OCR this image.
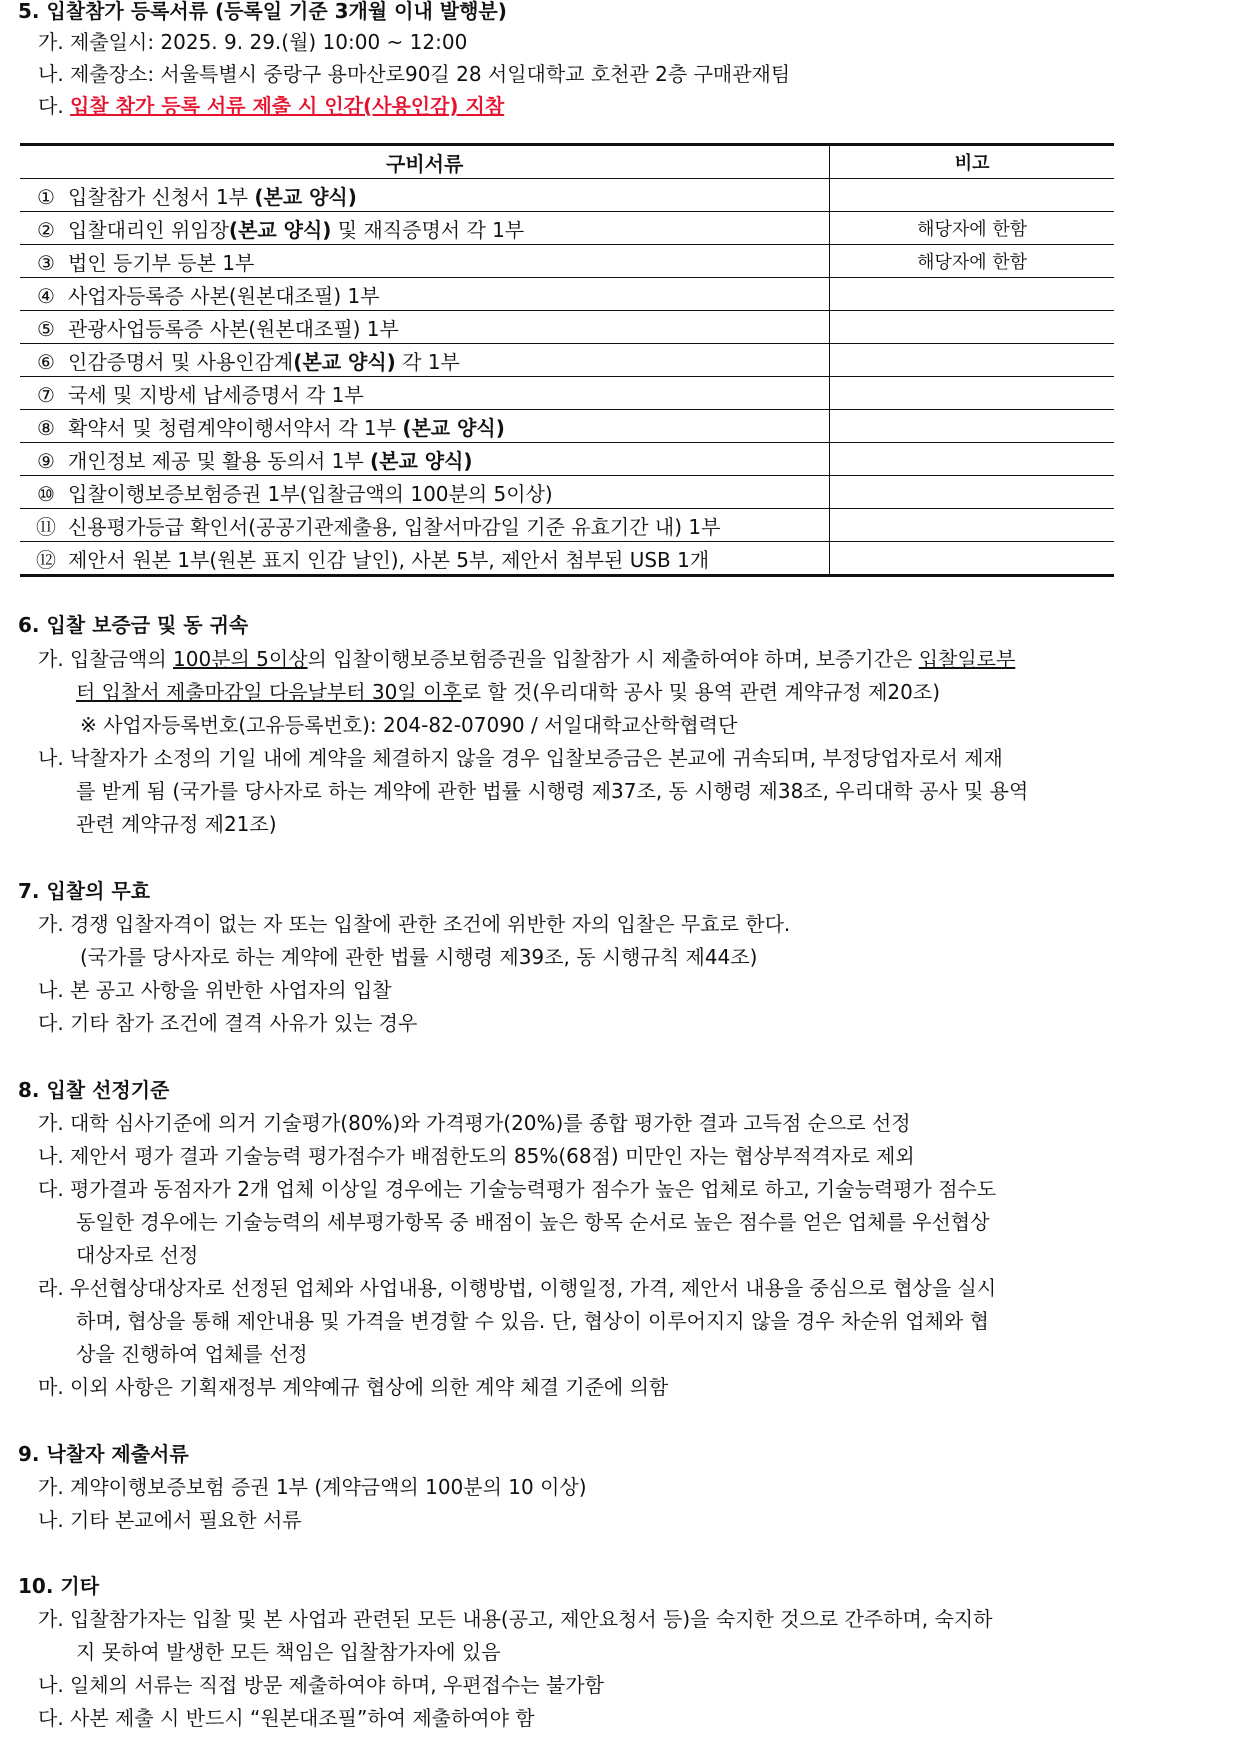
5. 입찰참가 등록서류 (등록일 기준 3개월 이내 발행분)
가. 제출일시: 2025. 9. 29.(월) 10:00 ~ 12:00
나. 제출장소: 서울특별시 중랑구 용마산로90길 28 서일대학교 호천관 2층 구매관재팀
다. 입찰 참가 등록 서류 제출 시 인감(사용인감) 지참
구비서류	비고
① 입찰참가 신청서 1부 (본교 양식)	
② 입찰대리인 위임장(본교 양식) 및 재직증명서 각 1부	해당자에 한함
③ 법인 등기부 등본 1부	해당자에 한함
④ 사업자등록증 사본(원본대조필) 1부	
⑤ 관광사업등록증 사본(원본대조필) 1부	
⑥ 인감증명서 및 사용인감계(본교 양식) 각 1부	
⑦ 국세 및 지방세 납세증명서 각 1부	
⑧ 확약서 및 청렴계약이행서약서 각 1부 (본교 양식)	
⑨ 개인정보 제공 및 활용 동의서 1부 (본교 양식)	
⑩ 입찰이행보증보험증권 1부(입찰금액의 100분의 5이상)	
⑪ 신용평가등급 확인서(공공기관제출용, 입찰서마감일 기준 유효기간 내) 1부	
⑫ 제안서 원본 1부(원본 표지 인감 날인), 사본 5부, 제안서 첨부된 USB 1개	
6. 입찰 보증금 및 동 귀속
가. 입찰금액의 100분의 5이상의 입찰이행보증보험증권을 입찰참가 시 제출하여야 하며, 보증기간은 입찰일로부
터 입찰서 제출마감일 다음날부터 30일 이후로 할 것(우리대학 공사 및 용역 관련 계약규정 제20조)
※ 사업자등록번호(고유등록번호): 204-82-07090 / 서일대학교산학협력단
나. 낙찰자가 소정의 기일 내에 계약을 체결하지 않을 경우 입찰보증금은 본교에 귀속되며, 부정당업자로서 제재
를 받게 됨 (국가를 당사자로 하는 계약에 관한 법률 시행령 제37조, 동 시행령 제38조, 우리대학 공사 및 용역
관련 계약규정 제21조)
7. 입찰의 무효
가. 경쟁 입찰자격이 없는 자 또는 입찰에 관한 조건에 위반한 자의 입찰은 무효로 한다.
(국가를 당사자로 하는 계약에 관한 법률 시행령 제39조, 동 시행규칙 제44조)
나. 본 공고 사항을 위반한 사업자의 입찰
다. 기타 참가 조건에 결격 사유가 있는 경우
8. 입찰 선정기준
가. 대학 심사기준에 의거 기술평가(80%)와 가격평가(20%)를 종합 평가한 결과 고득점 순으로 선정
나. 제안서 평가 결과 기술능력 평가점수가 배점한도의 85%(68점) 미만인 자는 협상부적격자로 제외
다. 평가결과 동점자가 2개 업체 이상일 경우에는 기술능력평가 점수가 높은 업체로 하고, 기술능력평가 점수도
동일한 경우에는 기술능력의 세부평가항목 중 배점이 높은 항목 순서로 높은 점수를 얻은 업체를 우선협상
대상자로 선정
라. 우선협상대상자로 선정된 업체와 사업내용, 이행방법, 이행일정, 가격, 제안서 내용을 중심으로 협상을 실시
하며, 협상을 통해 제안내용 및 가격을 변경할 수 있음. 단, 협상이 이루어지지 않을 경우 차순위 업체와 협
상을 진행하여 업체를 선정
마. 이외 사항은 기획재정부 계약예규 협상에 의한 계약 체결 기준에 의함
9. 낙찰자 제출서류
가. 계약이행보증보험 증권 1부 (계약금액의 100분의 10 이상)
나. 기타 본교에서 필요한 서류
10. 기타
가. 입찰참가자는 입찰 및 본 사업과 관련된 모든 내용(공고, 제안요청서 등)을 숙지한 것으로 간주하며, 숙지하
지 못하여 발생한 모든 책임은 입찰참가자에 있음
나. 일체의 서류는 직접 방문 제출하여야 하며, 우편접수는 불가함
다. 사본 제출 시 반드시 “원본대조필”하여 제출하여야 함
